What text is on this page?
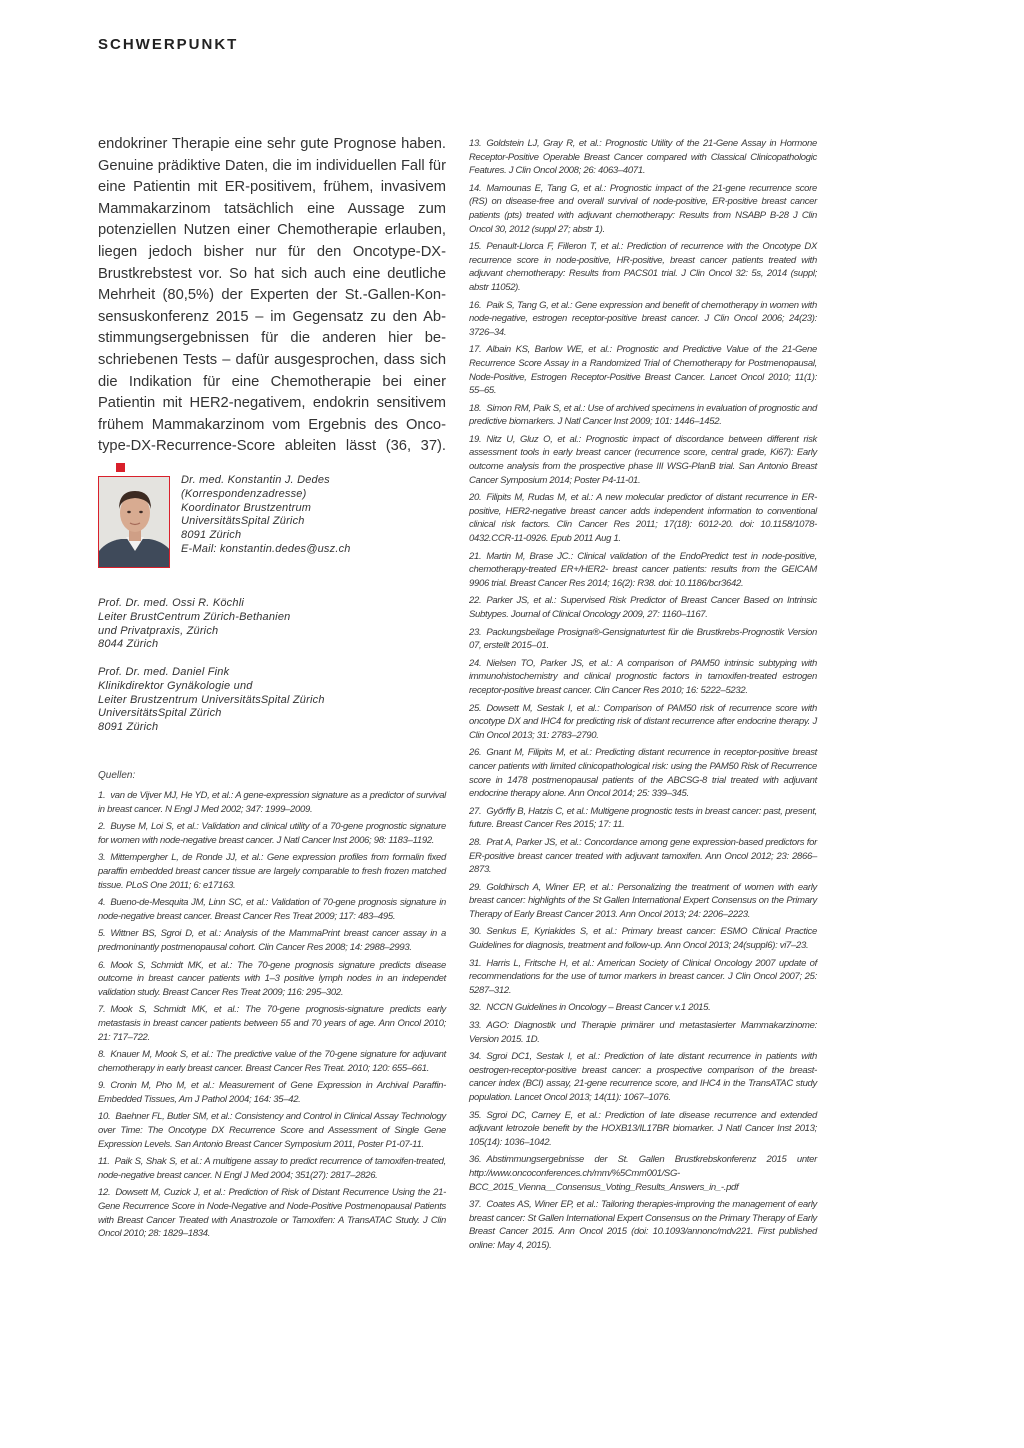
SCHWERPUNKT
endokriner Therapie eine sehr gute Prognose haben. Genuine prädiktive Daten, die im individuellen Fall für eine Patientin mit ER-positivem, frühem, invasivem Mammakarzinom tatsächlich eine Aussage zum potenziellen Nutzen einer Chemotherapie erlauben, liegen jedoch bisher nur für den Oncotype-DX-Brustkrebstest vor. So hat sich auch eine deutliche Mehrheit (80,5%) der Experten der St.-Gallen-Konsensuskonferenz 2015 – im Gegensatz zu den Abstimmungsergebnissen für die anderen hier beschriebenen Tests – dafür ausgesprochen, dass sich die Indikation für eine Chemotherapie bei einer Patientin mit HER2-negativem, endokrin sensitivem frühem Mammakarzinom vom Ergebnis des Oncotype-DX-Recurrence-Score ableiten lässt (36, 37).
Dr. med. Konstantin J. Dedes
(Korrespondenzadresse)
Koordinator Brustzentrum
UniversitätsSpital Zürich
8091 Zürich
E-Mail: konstantin.dedes@usz.ch
Prof. Dr. med. Ossi R. Köchli
Leiter BrustCentrum Zürich-Bethanien
und Privatpraxis, Zürich
8044 Zürich
Prof. Dr. med. Daniel Fink
Klinikdirektor Gynäkologie und
Leiter Brustzentrum UniversitätsSpital Zürich
UniversitätsSpital Zürich
8091 Zürich
Quellen:
1. van de Vijver MJ, He YD, et al.: A gene-expression signature as a predictor of survival in breast cancer. N Engl J Med 2002; 347: 1999–2009.
2. Buyse M, Loi S, et al.: Validation and clinical utility of a 70-gene prognostic signature for women with node-negative breast cancer. J Natl Cancer Inst 2006; 98: 1183–1192.
3. Mittempergher L, de Ronde JJ, et al.: Gene expression profiles from formalin fixed paraffin embedded breast cancer tissue are largely comparable to fresh frozen matched tissue. PLoS One 2011; 6: e17163.
4. Bueno-de-Mesquita JM, Linn SC, et al.: Validation of 70-gene prognosis signature in node-negative breast cancer. Breast Cancer Res Treat 2009; 117: 483–495.
5. Wittner BS, Sgroi D, et al.: Analysis of the MammaPrint breast cancer assay in a predmoninantly postmenopausal cohort. Clin Cancer Res 2008; 14: 2988–2993.
6. Mook S, Schmidt MK, et al.: The 70-gene prognosis signature predicts disease outcome in breast cancer patients with 1–3 positive lymph nodes in an independet validation study. Breast Cancer Res Treat 2009; 116: 295–302.
7. Mook S, Schmidt MK, et al.: The 70-gene prognosis-signature predicts early metastasis in breast cancer patients between 55 and 70 years of age. Ann Oncol 2010; 21: 717–722.
8. Knauer M, Mook S, et al.: The predictive value of the 70-gene signature for adjuvant chemotherapy in early breast cancer. Breast Cancer Res Treat. 2010; 120: 655–661.
9. Cronin M, Pho M, et al.: Measurement of Gene Expression in Archival Paraffin-Embedded Tissues, Am J Pathol 2004; 164: 35–42.
10. Baehner FL, Butler SM, et al.: Consistency and Control in Clinical Assay Technology over Time: The Oncotype DX Recurrence Score and Assessment of Single Gene Expression Levels. San Antonio Breast Cancer Symposium 2011, Poster P1-07-11.
11. Paik S, Shak S, et al.: A multigene assay to predict recurrence of tamoxifen-treated, node-negative breast cancer. N Engl J Med 2004; 351(27): 2817–2826.
12. Dowsett M, Cuzick J, et al.: Prediction of Risk of Distant Recurrence Using the 21-Gene Recurrence Score in Node-Negative and Node-Positive Postmenopausal Patients with Breast Cancer Treated with Anastrozole or Tamoxifen: A TransATAC Study. J Clin Oncol 2010; 28: 1829–1834.
13. Goldstein LJ, Gray R, et al.: Prognostic Utility of the 21-Gene Assay in Hormone Receptor-Positive Operable Breast Cancer compared with Classical Clinicopathologic Features. J Clin Oncol 2008; 26: 4063–4071.
14. Mamounas E, Tang G, et al.: Prognostic impact of the 21-gene recurrence score (RS) on disease-free and overall survival of node-positive, ER-positive breast cancer patients (pts) treated with adjuvant chemotherapy: Results from NSABP B-28 J Clin Oncol 30, 2012 (suppl 27; abstr 1).
15. Penault-Llorca F, Filleron T, et al.: Prediction of recurrence with the Oncotype DX recurrence score in node-positive, HR-positive, breast cancer patients treated with adjuvant chemotherapy: Results from PACS01 trial. J Clin Oncol 32: 5s, 2014 (suppl; abstr 11052).
16. Paik S, Tang G, et al.: Gene expression and benefit of chemotherapy in women with node-negative, estrogen receptor-positive breast cancer. J Clin Oncol 2006; 24(23): 3726–34.
17. Albain KS, Barlow WE, et al.: Prognostic and Predictive Value of the 21-Gene Recurrence Score Assay in a Randomized Trial of Chemotherapy for Postmenopausal, Node-Positive, Estrogen Receptor-Positive Breast Cancer. Lancet Oncol 2010; 11(1): 55–65.
18. Simon RM, Paik S, et al.: Use of archived specimens in evaluation of prognostic and predictive biomarkers. J Natl Cancer Inst 2009; 101: 1446–1452.
19. Nitz U, Gluz O, et al.: Prognostic impact of discordance between different risk assessment tools in early breast cancer (recurrence score, central grade, Ki67): Early outcome analysis from the prospective phase III WSG-PlanB trial. San Antonio Breast Cancer Symposium 2014; Poster P4-11-01.
20. Filipits M, Rudas M, et al.: A new molecular predictor of distant recurrence in ER-positive, HER2-negative breast cancer adds independent information to conventional clinical risk factors. Clin Cancer Res 2011; 17(18): 6012-20. doi: 10.1158/1078-0432.CCR-11-0926. Epub 2011 Aug 1.
21. Martin M, Brase JC.: Clinical validation of the EndoPredict test in node-positive, chemotherapy-treated ER+/HER2- breast cancer patients: results from the GEICAM 9906 trial. Breast Cancer Res 2014; 16(2): R38. doi: 10.1186/bcr3642.
22. Parker JS, et al.: Supervised Risk Predictor of Breast Cancer Based on Intrinsic Subtypes. Journal of Clinical Oncology 2009, 27: 1160–1167.
23. Packungsbeilage Prosigna®-Gensignaturtest für die Brustkrebs-Prognostik Version 07, erstellt 2015–01.
24. Nielsen TO, Parker JS, et al.: A comparison of PAM50 intrinsic subtyping with immunohistochemistry and clinical prognostic factors in tamoxifen-treated estrogen receptor-positive breast cancer. Clin Cancer Res 2010; 16: 5222–5232.
25. Dowsett M, Sestak I, et al.: Comparison of PAM50 risk of recurrence score with oncotype DX and IHC4 for predicting risk of distant recurrence after endocrine therapy. J Clin Oncol 2013; 31: 2783–2790.
26. Gnant M, Filipits M, et al.: Predicting distant recurrence in receptor-positive breast cancer patients with limited clinicopathological risk: using the PAM50 Risk of Recurrence score in 1478 postmenopausal patients of the ABCSG-8 trial treated with adjuvant endocrine therapy alone. Ann Oncol 2014; 25: 339–345.
27. Győrffy B, Hatzis C, et al.: Multigene prognostic tests in breast cancer: past, present, future. Breast Cancer Res 2015; 17: 11.
28. Prat A, Parker JS, et al.: Concordance among gene expression-based predictors for ER-positive breast cancer treated with adjuvant tamoxifen. Ann Oncol 2012; 23: 2866–2873.
29. Goldhirsch A, Winer EP, et al.: Personalizing the treatment of women with early breast cancer: highlights of the St Gallen International Expert Consensus on the Primary Therapy of Early Breast Cancer 2013. Ann Oncol 2013; 24: 2206–2223.
30. Senkus E, Kyriakides S, et al.: Primary breast cancer: ESMO Clinical Practice Guidelines for diagnosis, treatment and follow-up. Ann Oncol 2013; 24(suppl6): vi7–23.
31. Harris L, Fritsche H, et al.: American Society of Clinical Oncology 2007 update of recommendations for the use of tumor markers in breast cancer. J Clin Oncol 2007; 25: 5287–312.
32. NCCN Guidelines in Oncology – Breast Cancer v.1 2015.
33. AGO: Diagnostik und Therapie primärer und metastasierter Mammakarzinome: Version 2015. 1D.
34. Sgroi DC1, Sestak I, et al.: Prediction of late distant recurrence in patients with oestrogen-receptor-positive breast cancer: a prospective comparison of the breast-cancer index (BCI) assay, 21-gene recurrence score, and IHC4 in the TransATAC study population. Lancet Oncol 2013; 14(11): 1067–1076.
35. Sgroi DC, Carney E, et al.: Prediction of late disease recurrence and extended adjuvant letrozole benefit by the HOXB13/IL17BR biomarker. J Natl Cancer Inst 2013; 105(14): 1036–1042.
36. Abstimmungsergebnisse der St. Gallen Brustkrebskonferenz 2015 unter http://www.oncoconferences.ch/mm/%5Cmm001/SG-BCC_2015_Vienna__Consensus_Voting_Results_Answers_in_-.pdf
37. Coates AS, Winer EP, et al.: Tailoring therapies-improving the management of early breast cancer: St Gallen International Expert Consensus on the Primary Therapy of Early Breast Cancer 2015. Ann Oncol 2015 (doi: 10.1093/annonc/mdv221. First published online: May 4, 2015).
